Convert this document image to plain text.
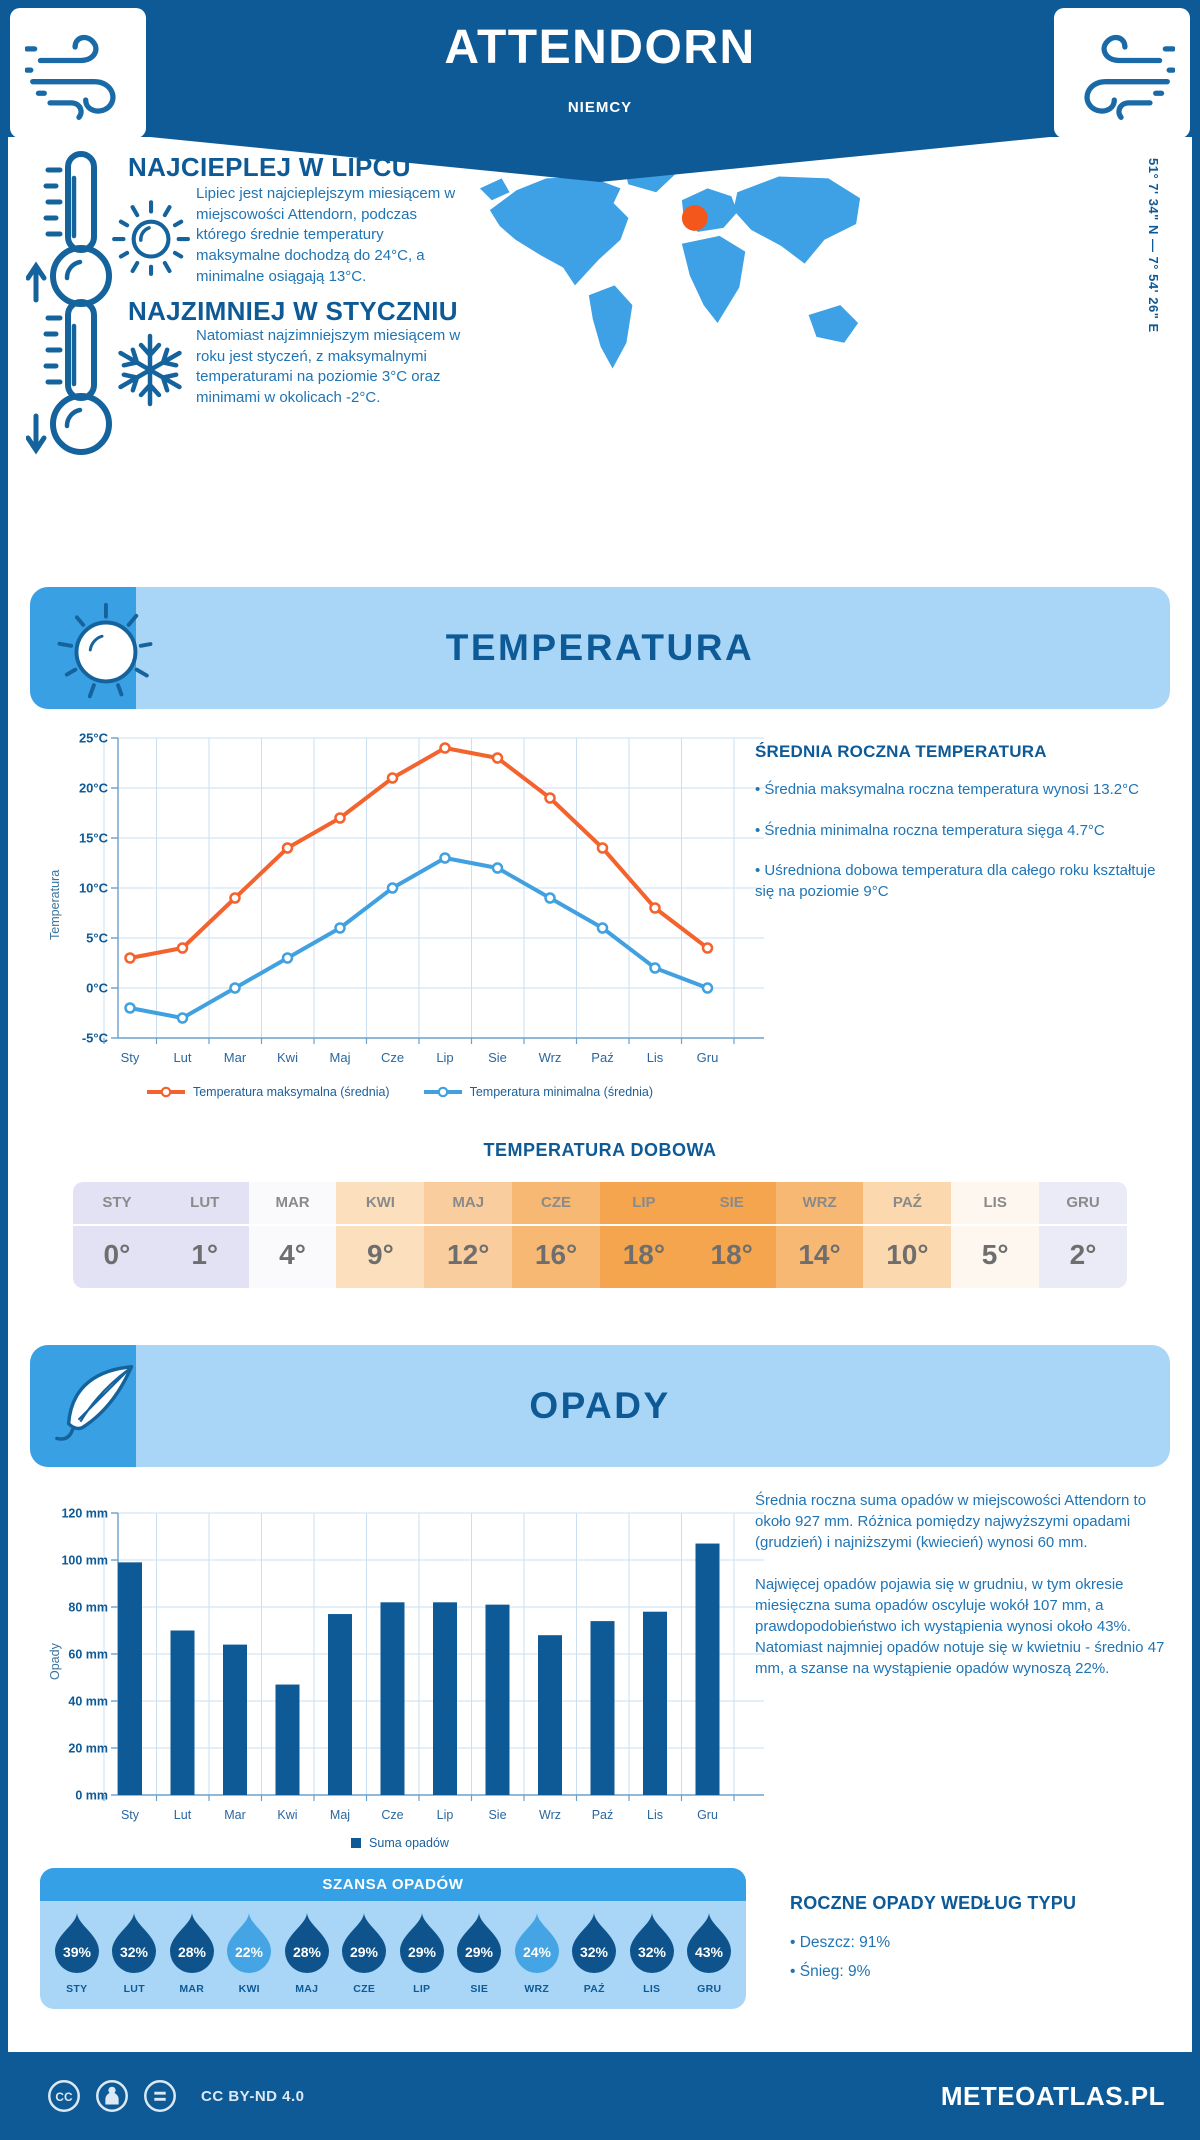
ATTENDORN
NIEMCY
51° 7' 34" N — 7° 54' 26" E
NAJCIEPLEJ W LIPCU
Lipiec jest najcieplejszym miesiącem w miejscowości Attendorn, podczas którego średnie temperatury maksymalne dochodzą do 24°C, a minimalne osiągają 13°C.
NAJZIMNIEJ W STYCZNIU
Natomiast najzimniejszym miesiącem w roku jest styczeń, z maksymalnymi temperaturami na poziomie 3°C oraz minimami w okolicach -2°C.
TEMPERATURA
25°C
20°C
15°C
10°C
5°C
0°C
-5°C
Sty	Lut Mar Kwi Maj Cze Lip	Sie Wrz Paź	Lis	Gru
Temperatura
Temperatura maksymalna (średnia)	Temperatura minimalna (średnia)
ŚREDNIA ROCZNA TEMPERATURA
• Średnia maksymalna roczna temperatura wynosi 13.2°C
• Średnia minimalna roczna temperatura sięga 4.7°C
• Uśredniona dobowa temperatura dla całego roku kształtuje się na poziomie 9°C
TEMPERATURA DOBOWA
STY
0°
LUT
1°
MAR
4°
KWI
9°
MAJ
12°
CZE
16°
LIP
18°
SIE
18°
WRZ
14°
PAŹ
10°
LIS
5°
GRU
2°
OPADY
0 mm
20 mm
40 mm
60 mm
80 mm
100 mm
120 mm
Sty	Lut	Mar	Kwi	Maj	Cze	Lip	Sie	Wrz Paź	Lis	Gru
Opady
Suma opadów
Średnia roczna suma opadów w miejscowości Attendorn to około 927 mm. Różnica pomiędzy najwyższymi opadami (grudzień) i najniższymi (kwiecień) wynosi 60 mm.
Najwięcej opadów pojawia się w grudniu, w tym okresie miesięczna suma opadów oscyluje wokół 107 mm, a prawdopodobieństwo ich wystąpienia wynosi około 43%. Natomiast najmniej opadów notuje się w kwietniu - średnio 47 mm, a szanse na wystąpienie opadów wynoszą 22%.
SZANSA OPADÓW
39%
STY
32%
LUT
28%
MAR
22%
KWI
28%
MAJ
29%
CZE
29%
LIP
29%
SIE
24%
WRZ
32%
PAŹ
32%
LIS
43%
GRU
ROCZNE OPADY WEDŁUG TYPU
• Deszcz: 91%
• Śnieg: 9%
CC	CC BY-ND 4.0	METEOATLAS.PL
